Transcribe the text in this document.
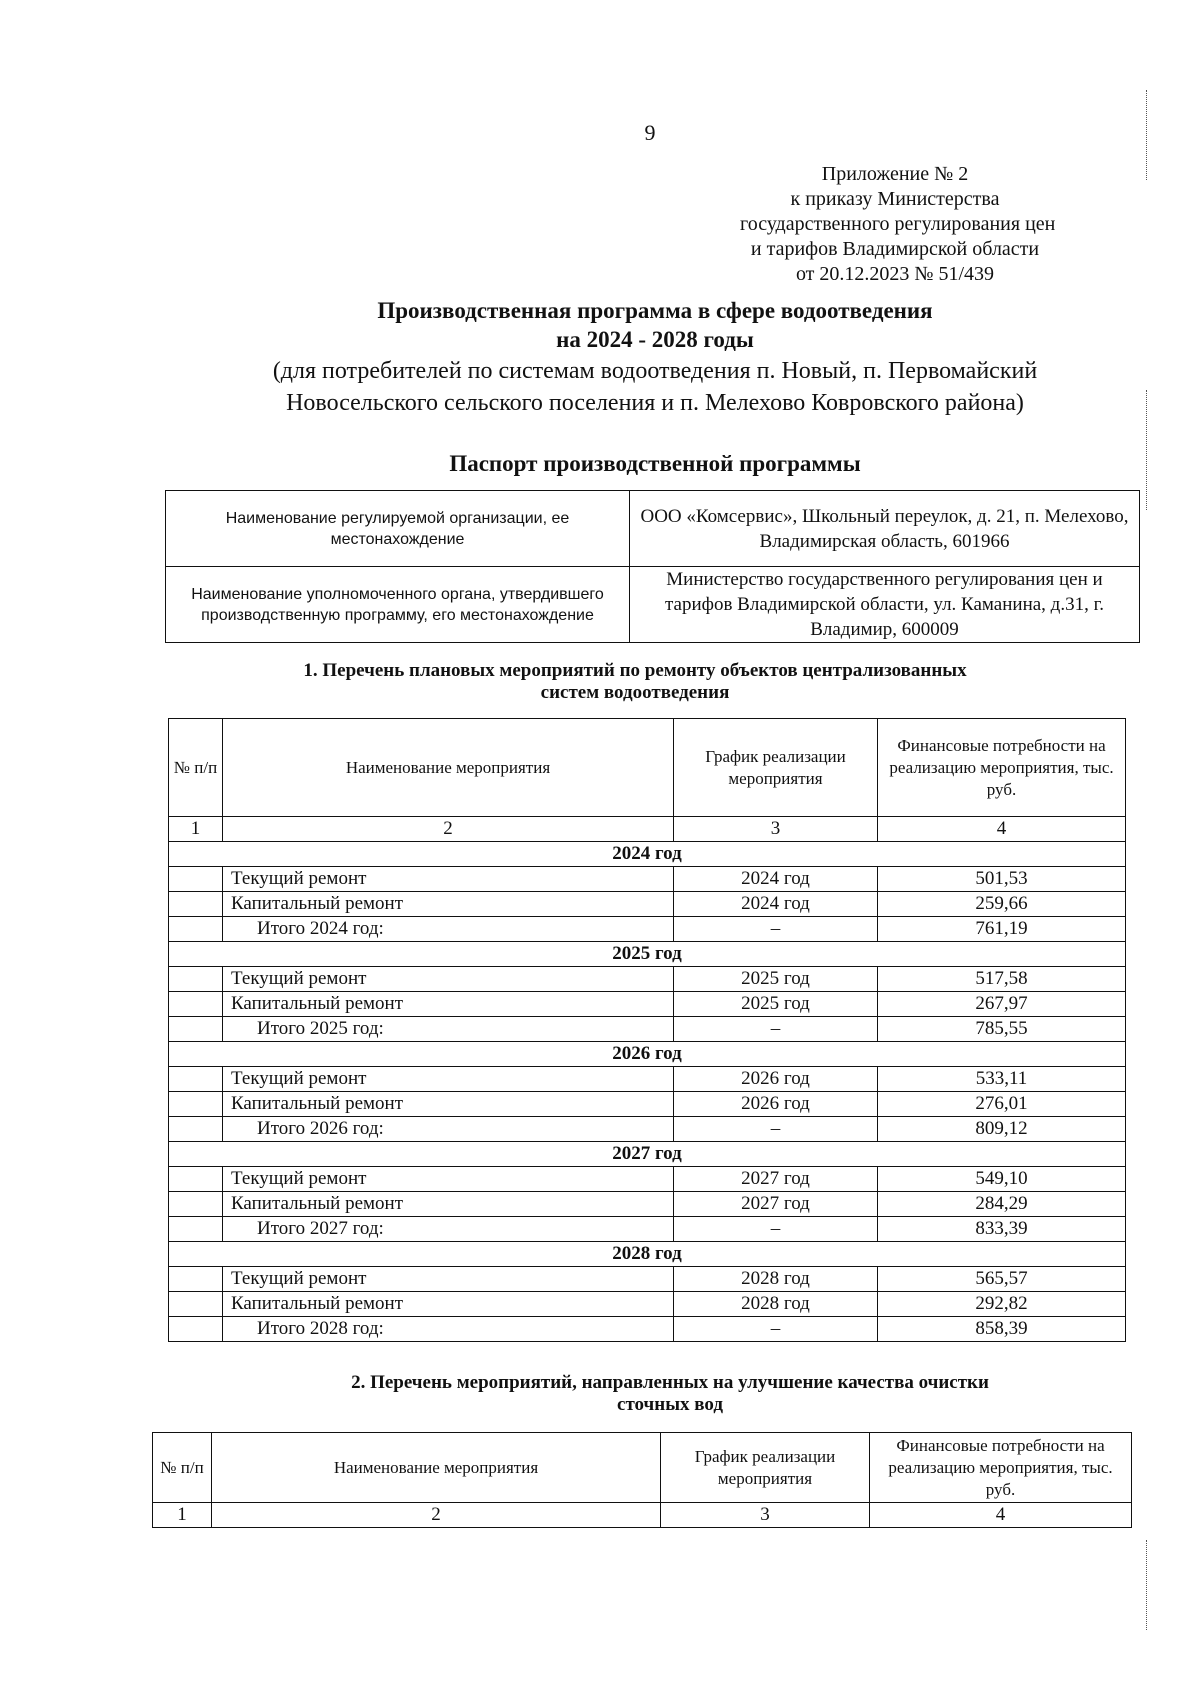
9
Приложение № 2
к приказу Министерства
государственного регулирования цен
и тарифов Владимирской области
от 20.12.2023 № 51/439
Производственная программа в сфере водоотведения
на 2024 - 2028 годы
(для потребителей по системам водоотведения п. Новый, п. Первомайский
Новосельского сельского поселения и п. Мелехово Ковровского района)
Паспорт производственной программы
Наименование регулируемой организации, ее местонахождение	ООО «Комсервис», Школьный переулок, д. 21, п. Мелехово, Владимирская область, 601966
Наименование уполномоченного органа, утвердившего производственную программу, его местонахождение	Министерство государственного регулирования цен и тарифов Владимирской области, ул. Каманина, д.31, г. Владимир, 600009
1. Перечень плановых мероприятий по ремонту объектов централизованных
систем водоотведения
№ п/п	Наименование мероприятия	График реализации мероприятия	Финансовые потребности на реализацию мероприятия, тыс. руб.
1	2	3	4
2024 год			
	Текущий ремонт	2024 год	501,53
	Капитальный ремонт	2024 год	259,66
	Итого 2024 год:	–	761,19
2025 год			
	Текущий ремонт	2025 год	517,58
	Капитальный ремонт	2025 год	267,97
	Итого 2025 год:	–	785,55
2026 год			
	Текущий ремонт	2026 год	533,11
	Капитальный ремонт	2026 год	276,01
	Итого 2026 год:	–	809,12
2027 год			
	Текущий ремонт	2027 год	549,10
	Капитальный ремонт	2027 год	284,29
	Итого 2027 год:	–	833,39
2028 год			
	Текущий ремонт	2028 год	565,57
	Капитальный ремонт	2028 год	292,82
	Итого 2028 год:	–	858,39
2. Перечень мероприятий, направленных на улучшение качества очистки
сточных вод
№ п/п	Наименование мероприятия	График реализации мероприятия	Финансовые потребности на реализацию мероприятия, тыс. руб.
1	2	3	4
